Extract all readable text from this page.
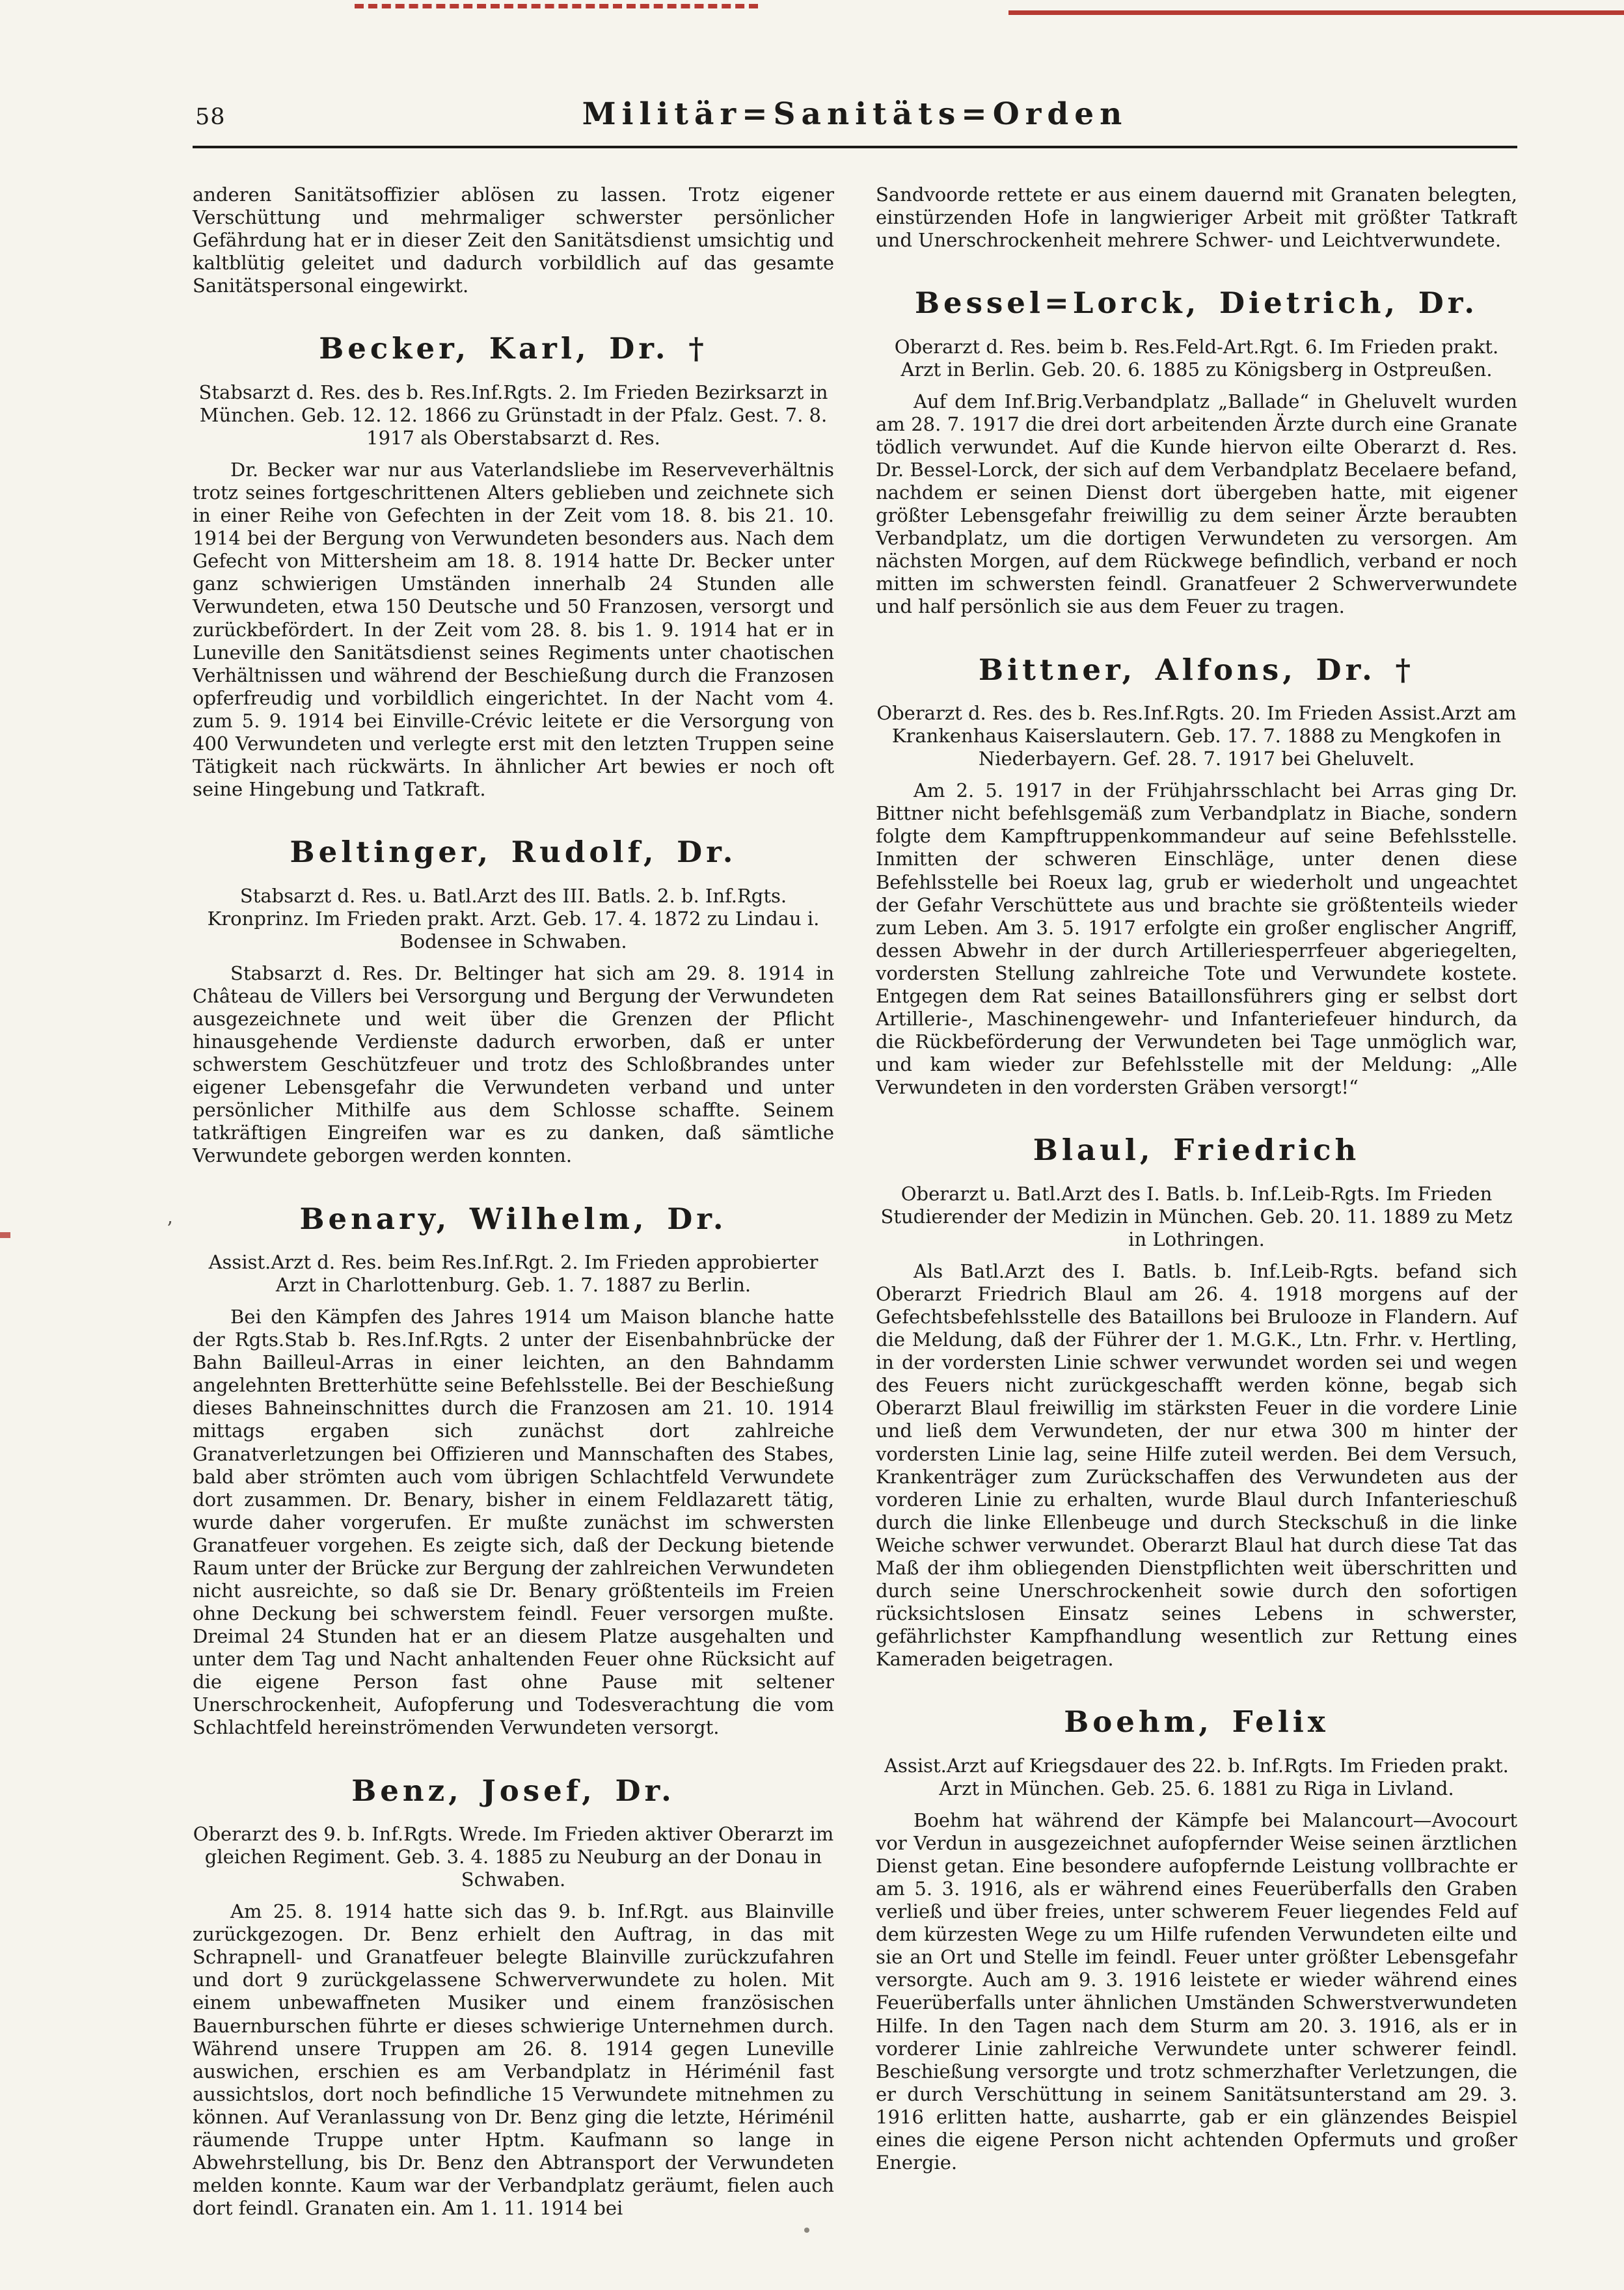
’
58	Militär=Sanitäts=Orden
anderen Sanitätsoffizier ablösen zu lassen. Trotz eigener Verschüttung und mehrmaliger schwerster persönlicher Gefährdung hat er in dieser Zeit den Sanitätsdienst umsichtig und kaltblütig geleitet und dadurch vorbildlich auf das gesamte Sanitätspersonal eingewirkt.
Becker, Karl, Dr. †
Stabsarzt d. Res. des b. Res.Inf.Rgts. 2. Im Frieden Bezirksarzt in München. Geb. 12. 12. 1866 zu Grünstadt in der Pfalz. Gest. 7. 8. 1917 als Oberstabsarzt d. Res.
Dr. Becker war nur aus Vaterlandsliebe im Reserveverhältnis trotz seines fortgeschrittenen Alters geblieben und zeichnete sich in einer Reihe von Gefechten in der Zeit vom 18. 8. bis 21. 10. 1914 bei der Bergung von Verwundeten besonders aus. Nach dem Gefecht von Mittersheim am 18. 8. 1914 hatte Dr. Becker unter ganz schwierigen Umständen innerhalb 24 Stunden alle Verwundeten, etwa 150 Deutsche und 50 Franzosen, versorgt und zurückbefördert. In der Zeit vom 28. 8. bis 1. 9. 1914 hat er in Luneville den Sanitätsdienst seines Regiments unter chaotischen Verhältnissen und während der Beschießung durch die Franzosen opferfreudig und vorbildlich eingerichtet. In der Nacht vom 4. zum 5. 9. 1914 bei Einville-Crévic leitete er die Versorgung von 400 Verwundeten und verlegte erst mit den letzten Truppen seine Tätigkeit nach rückwärts. In ähnlicher Art bewies er noch oft seine Hingebung und Tatkraft.
Beltinger, Rudolf, Dr.
Stabsarzt d. Res. u. Batl.Arzt des III. Batls. 2. b. Inf.Rgts. Kronprinz. Im Frieden prakt. Arzt. Geb. 17. 4. 1872 zu Lindau i. Bodensee in Schwaben.
Stabsarzt d. Res. Dr. Beltinger hat sich am 29. 8. 1914 in Château de Villers bei Versorgung und Bergung der Verwundeten ausgezeichnete und weit über die Grenzen der Pflicht hinausgehende Verdienste dadurch erworben, daß er unter schwerstem Geschützfeuer und trotz des Schloßbrandes unter eigener Lebensgefahr die Verwundeten verband und unter persönlicher Mithilfe aus dem Schlosse schaffte. Seinem tatkräftigen Eingreifen war es zu danken, daß sämtliche Verwundete geborgen werden konnten.
Benary, Wilhelm, Dr.
Assist.Arzt d. Res. beim Res.Inf.Rgt. 2. Im Frieden approbierter Arzt in Charlottenburg. Geb. 1. 7. 1887 zu Berlin.
Bei den Kämpfen des Jahres 1914 um Maison blanche hatte der Rgts.Stab b. Res.Inf.Rgts. 2 unter der Eisenbahnbrücke der Bahn Bailleul-Arras in einer leichten, an den Bahndamm angelehnten Bretterhütte seine Befehlsstelle. Bei der Beschießung dieses Bahneinschnittes durch die Franzosen am 21. 10. 1914 mittags ergaben sich zunächst dort zahlreiche Granatverletzungen bei Offizieren und Mannschaften des Stabes, bald aber strömten auch vom übrigen Schlachtfeld Verwundete dort zusammen. Dr. Benary, bisher in einem Feldlazarett tätig, wurde daher vorgerufen. Er mußte zunächst im schwersten Granatfeuer vorgehen. Es zeigte sich, daß der Deckung bietende Raum unter der Brücke zur Bergung der zahlreichen Verwundeten nicht ausreichte, so daß sie Dr. Benary größtenteils im Freien ohne Deckung bei schwerstem feindl. Feuer versorgen mußte. Dreimal 24 Stunden hat er an diesem Platze ausgehalten und unter dem Tag und Nacht anhaltenden Feuer ohne Rücksicht auf die eigene Person fast ohne Pause mit seltener Unerschrockenheit, Aufopferung und Todesverachtung die vom Schlachtfeld hereinströmenden Verwundeten versorgt.
Benz, Josef, Dr.
Oberarzt des 9. b. Inf.Rgts. Wrede. Im Frieden aktiver Oberarzt im gleichen Regiment. Geb. 3. 4. 1885 zu Neuburg an der Donau in Schwaben.
Am 25. 8. 1914 hatte sich das 9. b. Inf.Rgt. aus Blainville zurückgezogen. Dr. Benz erhielt den Auftrag, in das mit Schrapnell- und Granatfeuer belegte Blainville zurückzufahren und dort 9 zurückgelassene Schwerverwundete zu holen. Mit einem unbewaffneten Musiker und einem französischen Bauernburschen führte er dieses schwierige Unternehmen durch. Während unsere Truppen am 26. 8. 1914 gegen Luneville auswichen, erschien es am Verbandplatz in Hériménil fast aussichtslos, dort noch befindliche 15 Verwundete mitnehmen zu können. Auf Veranlassung von Dr. Benz ging die letzte, Hériménil räumende Truppe unter Hptm. Kaufmann so lange in Abwehrstellung, bis Dr. Benz den Abtransport der Verwundeten melden konnte. Kaum war der Verbandplatz geräumt, fielen auch dort feindl. Granaten ein. Am 1. 11. 1914 bei
Sandvoorde rettete er aus einem dauernd mit Granaten belegten, einstürzenden Hofe in langwieriger Arbeit mit größter Tatkraft und Unerschrockenheit mehrere Schwer- und Leichtverwundete.
Bessel=Lorck, Dietrich, Dr.
Oberarzt d. Res. beim b. Res.Feld-Art.Rgt. 6. Im Frieden prakt. Arzt in Berlin. Geb. 20. 6. 1885 zu Königsberg in Ostpreußen.
Auf dem Inf.Brig.Verbandplatz „Ballade“ in Gheluvelt wurden am 28. 7. 1917 die drei dort arbeitenden Ärzte durch eine Granate tödlich verwundet. Auf die Kunde hiervon eilte Oberarzt d. Res. Dr. Bessel-Lorck, der sich auf dem Verbandplatz Becelaere befand, nachdem er seinen Dienst dort übergeben hatte, mit eigener größter Lebensgefahr freiwillig zu dem seiner Ärzte beraubten Verbandplatz, um die dortigen Verwundeten zu versorgen. Am nächsten Morgen, auf dem Rückwege befindlich, verband er noch mitten im schwersten feindl. Granatfeuer 2 Schwerverwundete und half persönlich sie aus dem Feuer zu tragen.
Bittner, Alfons, Dr. †
Oberarzt d. Res. des b. Res.Inf.Rgts. 20. Im Frieden Assist.Arzt am Krankenhaus Kaiserslautern. Geb. 17. 7. 1888 zu Mengkofen in Niederbayern. Gef. 28. 7. 1917 bei Gheluvelt.
Am 2. 5. 1917 in der Frühjahrsschlacht bei Arras ging Dr. Bittner nicht befehlsgemäß zum Verbandplatz in Biache, sondern folgte dem Kampftruppenkommandeur auf seine Befehlsstelle. Inmitten der schweren Einschläge, unter denen diese Befehlsstelle bei Roeux lag, grub er wiederholt und ungeachtet der Gefahr Verschüttete aus und brachte sie größtenteils wieder zum Leben. Am 3. 5. 1917 erfolgte ein großer englischer Angriff, dessen Abwehr in der durch Artilleriesperrfeuer abgeriegelten, vordersten Stellung zahlreiche Tote und Verwundete kostete. Entgegen dem Rat seines Bataillonsführers ging er selbst dort Artillerie-, Maschinengewehr- und Infanteriefeuer hindurch, da die Rückbeförderung der Verwundeten bei Tage unmöglich war, und kam wieder zur Befehlsstelle mit der Meldung: „Alle Verwundeten in den vordersten Gräben versorgt!“
Blaul, Friedrich
Oberarzt u. Batl.Arzt des I. Batls. b. Inf.Leib-Rgts. Im Frieden Studierender der Medizin in München. Geb. 20. 11. 1889 zu Metz in Lothringen.
Als Batl.Arzt des I. Batls. b. Inf.Leib-Rgts. befand sich Oberarzt Friedrich Blaul am 26. 4. 1918 morgens auf der Gefechtsbefehlsstelle des Bataillons bei Brulooze in Flandern. Auf die Meldung, daß der Führer der 1. M.G.K., Ltn. Frhr. v. Hertling, in der vordersten Linie schwer verwundet worden sei und wegen des Feuers nicht zurückgeschafft werden könne, begab sich Oberarzt Blaul freiwillig im stärksten Feuer in die vordere Linie und ließ dem Verwundeten, der nur etwa 300 m hinter der vordersten Linie lag, seine Hilfe zuteil werden. Bei dem Versuch, Krankenträger zum Zurückschaffen des Verwundeten aus der vorderen Linie zu erhalten, wurde Blaul durch Infanterieschuß durch die linke Ellenbeuge und durch Steckschuß in die linke Weiche schwer verwundet. Oberarzt Blaul hat durch diese Tat das Maß der ihm obliegenden Dienstpflichten weit überschritten und durch seine Unerschrockenheit sowie durch den sofortigen rücksichtslosen Einsatz seines Lebens in schwerster, gefährlichster Kampfhandlung wesentlich zur Rettung eines Kameraden beigetragen.
Boehm, Felix
Assist.Arzt auf Kriegsdauer des 22. b. Inf.Rgts. Im Frieden prakt. Arzt in München. Geb. 25. 6. 1881 zu Riga in Livland.
Boehm hat während der Kämpfe bei Malancourt—Avocourt vor Verdun in ausgezeichnet aufopfernder Weise seinen ärztlichen Dienst getan. Eine besondere aufopfernde Leistung vollbrachte er am 5. 3. 1916, als er während eines Feuerüberfalls den Graben verließ und über freies, unter schwerem Feuer liegendes Feld auf dem kürzesten Wege zu um Hilfe rufenden Verwundeten eilte und sie an Ort und Stelle im feindl. Feuer unter größter Lebensgefahr versorgte. Auch am 9. 3. 1916 leistete er wieder während eines Feuerüberfalls unter ähnlichen Umständen Schwerstverwundeten Hilfe. In den Tagen nach dem Sturm am 20. 3. 1916, als er in vorderer Linie zahlreiche Verwundete unter schwerer feindl. Beschießung versorgte und trotz schmerzhafter Verletzungen, die er durch Verschüttung in seinem Sanitätsunterstand am 29. 3. 1916 erlitten hatte, ausharrte, gab er ein glänzendes Beispiel eines die eigene Person nicht achtenden Opfermuts und großer Energie.
